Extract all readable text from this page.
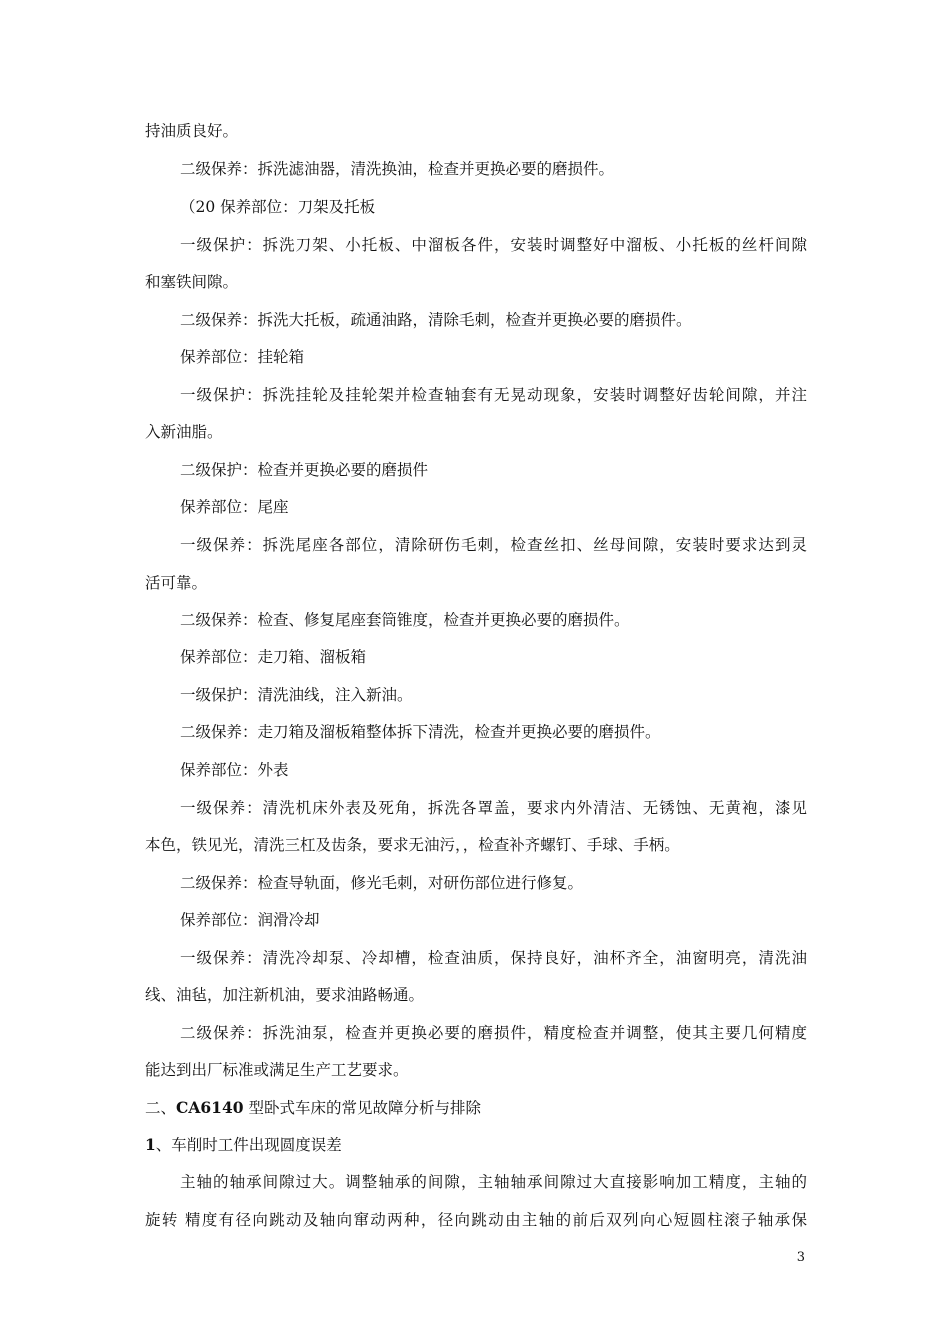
持油质良好。
二级保养：拆洗滤油器，清洗换油，检查并更换必要的磨损件。
（20 保养部位：刀架及托板
一级保护：拆洗刀架、小托板、中溜板各件，安装时调整好中溜板、小托板的丝杆间隙
和塞铁间隙。
二级保养：拆洗大托板，疏通油路，清除毛刺，检查并更换必要的磨损件。
保养部位：挂轮箱
一级保护：拆洗挂轮及挂轮架并检查轴套有无晃动现象，安装时调整好齿轮间隙，并注
入新油脂。
二级保护：检查并更换必要的磨损件
保养部位：尾座
一级保养：拆洗尾座各部位，清除研伤毛刺，检查丝扣、丝母间隙，安装时要求达到灵
活可靠。
二级保养：检查、修复尾座套筒锥度，检查并更换必要的磨损件。
保养部位：走刀箱、溜板箱
一级保护：清洗油线，注入新油。
二级保养：走刀箱及溜板箱整体拆下清洗，检查并更换必要的磨损件。
保养部位：外表
一级保养：清洗机床外表及死角，拆洗各罩盖，要求内外清洁、无锈蚀、无黄袍，漆见
本色，铁见光，清洗三杠及齿条，要求无油污，，检查补齐螺钉、手球、手柄。
二级保养：检查导轨面，修光毛刺，对研伤部位进行修复。
保养部位：润滑冷却
一级保养：清洗冷却泵、冷却槽，检查油质，保持良好，油杯齐全，油窗明亮，清洗油
线、油毡，加注新机油，要求油路畅通。
二级保养：拆洗油泵，检查并更换必要的磨损件，精度检查并调整，使其主要几何精度
能达到出厂标准或满足生产工艺要求。
二、CA6140 型卧式车床的常见故障分析与排除
1、车削时工件出现圆度误差
主轴的轴承间隙过大。调整轴承的间隙，主轴轴承间隙过大直接影响加工精度，主轴的
旋转 精度有径向跳动及轴向窜动两种，径向跳动由主轴的前后双列向心短圆柱滚子轴承保
3
